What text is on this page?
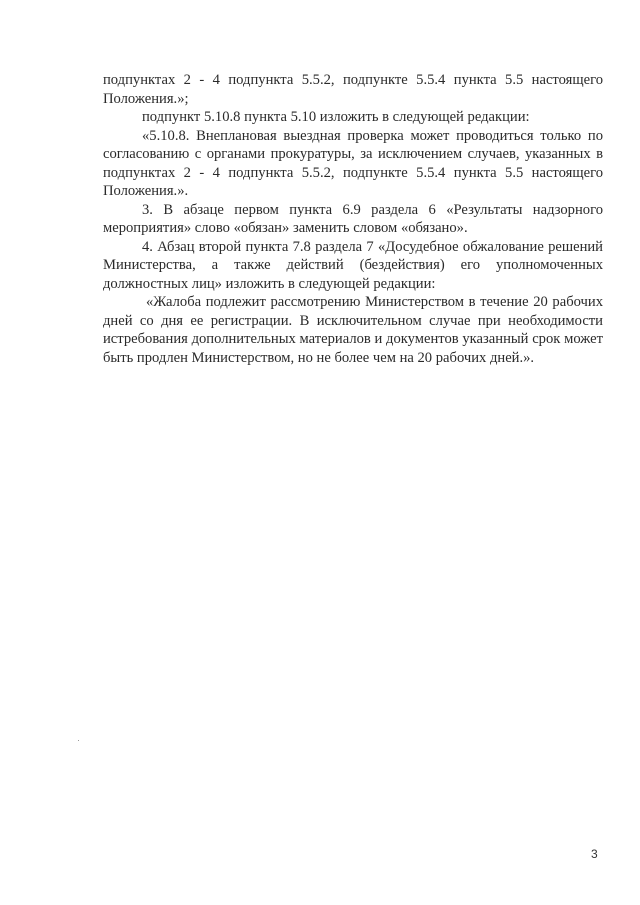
подпунктах 2 - 4 подпункта 5.5.2, подпункте 5.5.4 пункта 5.5 настоящего Положения.»;

подпункт 5.10.8 пункта 5.10 изложить в следующей редакции:

«5.10.8. Внеплановая выездная проверка может проводиться только по согласованию с органами прокуратуры, за исключением случаев, указанных в подпунктах 2 - 4 подпункта 5.5.2, подпункте 5.5.4 пункта 5.5 настоящего Положения.».

3. В абзаце первом пункта 6.9 раздела 6 «Результаты надзорного мероприятия» слово «обязан» заменить словом «обязано».

4. Абзац второй пункта 7.8 раздела 7 «Досудебное обжалование решений Министерства, а также действий (бездействия) его уполномоченных должностных лиц» изложить в следующей редакции:

«Жалоба подлежит рассмотрению Министерством в течение 20 рабочих дней со дня ее регистрации. В исключительном случае при необходимости истребования дополнительных материалов и документов указанный срок может быть продлен Министерством, но не более чем на 20 рабочих дней.».

3
